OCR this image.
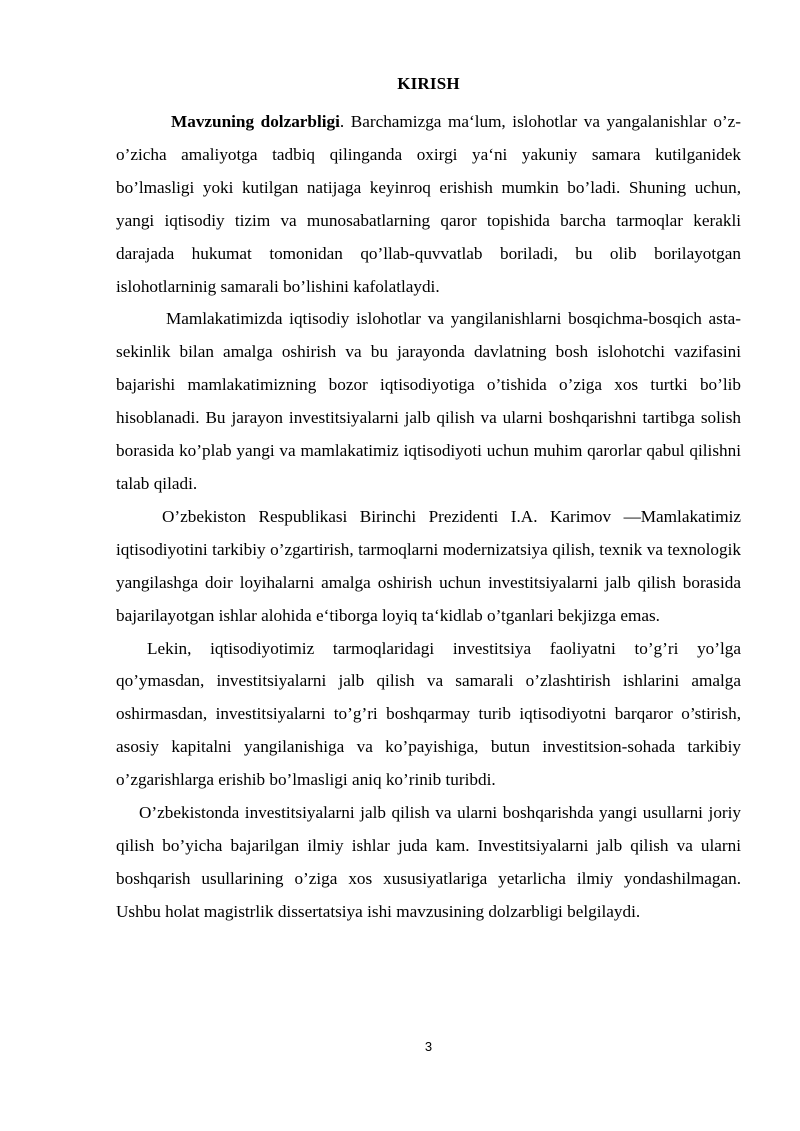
KIRISH

Mavzuning dolzarbligi. Barchamizga ma‘lum, islohotlar va yangalanishlar o’z-o’zicha amaliyotga tadbiq qilinganda oxirgi ya‘ni yakuniy samara kutilganidek bo’lmasligi yoki kutilgan natijaga keyinroq erishish mumkin bo’ladi. Shuning uchun, yangi iqtisodiy tizim va munosabatlarning qaror topishida barcha tarmoqlar kerakli darajada hukumat tomonidan qo’llab-quvvatlab boriladi, bu olib borilayotgan islohotlarninig samarali bo’lishini kafolatlaydi.

Mamlakatimizda iqtisodiy islohotlar va yangilanishlarni bosqichma-bosqich asta-sekinlik bilan amalga oshirish va bu jarayonda davlatning bosh islohotchi vazifasini bajarishi mamlakatimizning bozor iqtisodiyotiga o’tishida o’ziga xos turtki bo’lib hisoblanadi. Bu jarayon investitsiyalarni jalb qilish va ularni boshqarishni tartibga solish borasida ko’plab yangi va mamlakatimiz iqtisodiyoti uchun muhim qarorlar qabul qilishni talab qiladi.

O’zbekiston Respublikasi Birinchi Prezidenti I.A. Karimov ―Mamlakatimiz iqtisodiyotini tarkibiy o’zgartirish, tarmoqlarni modernizatsiya qilish, texnik va texnologik yangilashga doir loyihalarni amalga oshirish uchun investitsiyalarni jalb qilish borasida bajarilayotgan ishlar alohida e‘tiborga loyiq ta‘kidlab o’tganlari bekjizga emas.

Lekin, iqtisodiyotimiz tarmoqlaridagi investitsiya faoliyatni to’g’ri yo’lga qo’ymasdan, investitsiyalarni jalb qilish va samarali o’zlashtirish ishlarini amalga oshirmasdan, investitsiyalarni to’g’ri boshqarmay turib iqtisodiyotni barqaror o’stirish, asosiy kapitalni yangilanishiga va ko’payishiga, butun investitsion-sohada tarkibiy o’zgarishlarga erishib bo’lmasligi aniq ko’rinib turibdi.

O’zbekistonda investitsiyalarni jalb qilish va ularni boshqarishda yangi usullarni joriy qilish bo’yicha bajarilgan ilmiy ishlar juda kam. Investitsiyalarni jalb qilish va ularni boshqarish usullarining o’ziga xos xususiyatlariga yetarlicha ilmiy yondashilmagan. Ushbu holat magistrlik dissertatsiya ishi mavzusining dolzarbligi belgilaydi.

3
